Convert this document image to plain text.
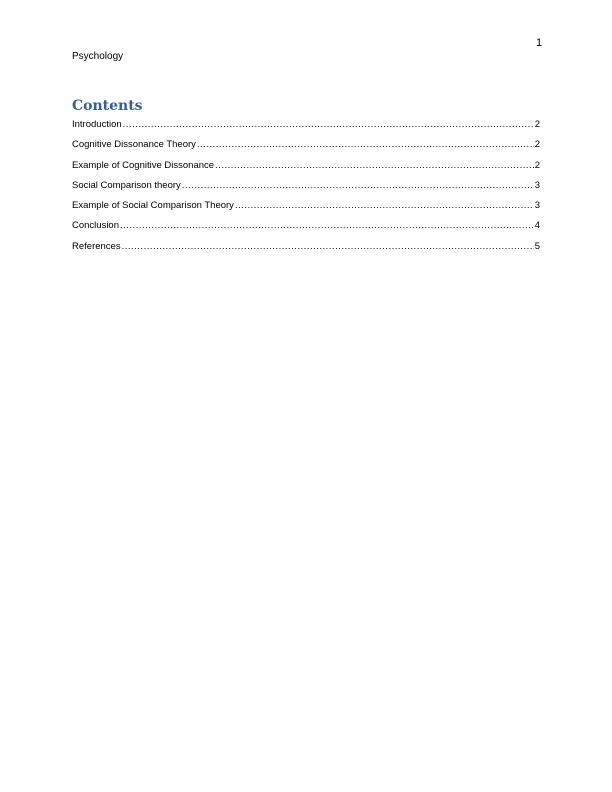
1
Psychology
Contents
Introduction .....	2
Cognitive Dissonance Theory .....	2
Example of Cognitive Dissonance .....	2
Social Comparison theory .....	3
Example of Social Comparison Theory .....	3
Conclusion .....	4
References .....	5
